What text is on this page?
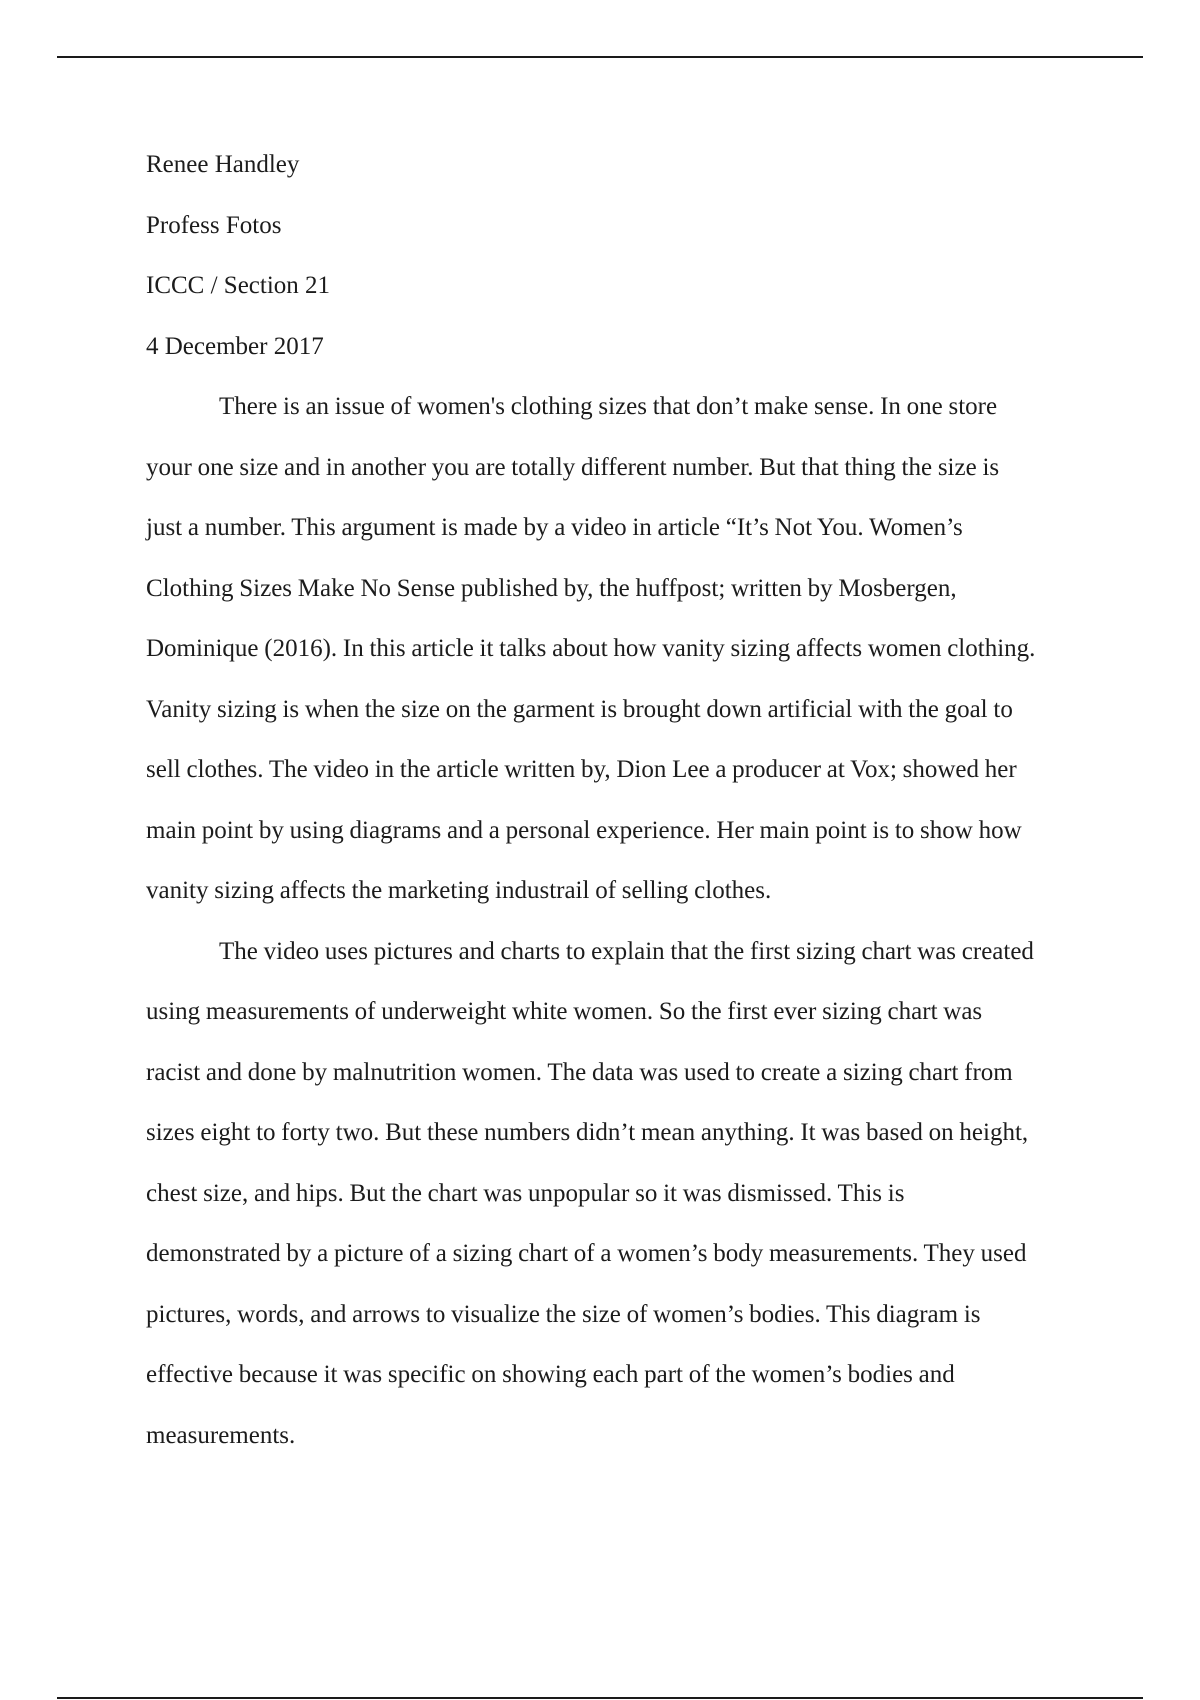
Renee Handley
Profess Fotos
ICCC / Section 21
4 December 2017

There is an issue of women's clothing sizes that don’t make sense. In one store
your one size and in another you are totally different number. But that thing the size is
just a number. This argument is made by a video in article “It’s Not You. Women’s
Clothing Sizes Make No Sense published by, the huffpost; written by Mosbergen,
Dominique (2016). In this article it talks about how vanity sizing affects women clothing.
Vanity sizing is when the size on the garment is brought down artificial with the goal to
sell clothes. The video in the article written by, Dion Lee a producer at Vox; showed her
main point by using diagrams and a personal experience. Her main point is to show how
vanity sizing affects the marketing industrail of selling clothes.

The video uses pictures and charts to explain that the first sizing chart was created
using measurements of underweight white women. So the first ever sizing chart was
racist and done by malnutrition women. The data was used to create a sizing chart from
sizes eight to forty two. But these numbers didn’t mean anything. It was based on height,
chest size, and hips. But the chart was unpopular so it was dismissed. This is
demonstrated by a picture of a sizing chart of a women’s body measurements. They used
pictures, words, and arrows to visualize the size of women’s bodies. This diagram is
effective because it was specific on showing each part of the women’s bodies and
measurements.
